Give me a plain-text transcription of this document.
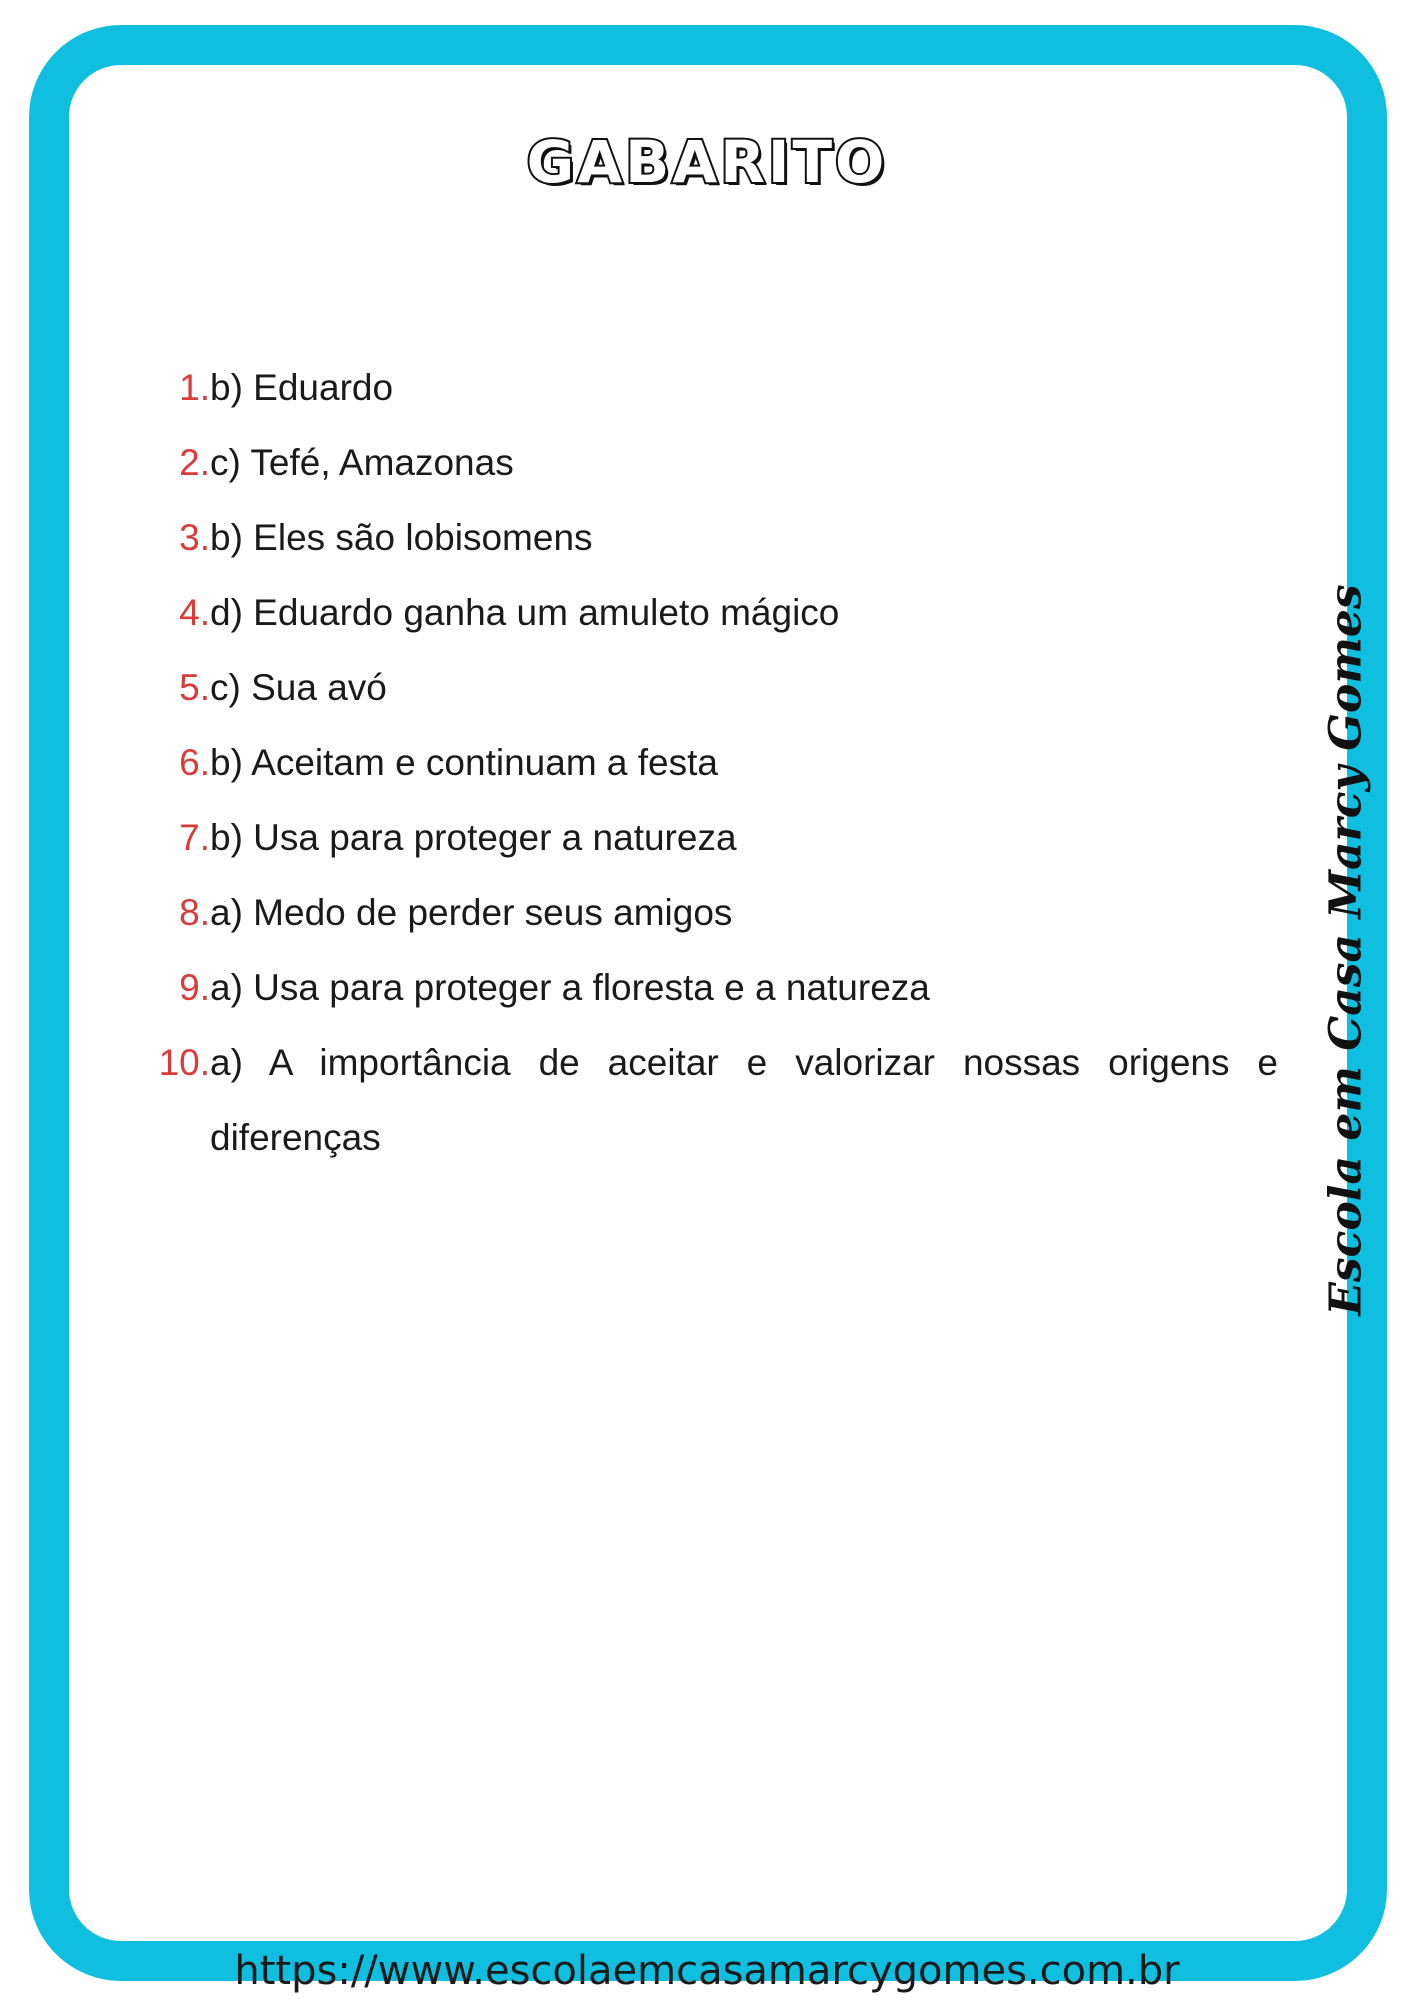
GABARITO
1. b) Eduardo
2. c) Tefé, Amazonas
3. b) Eles são lobisomens
4. d) Eduardo ganha um amuleto mágico
5. c) Sua avó
6. b) Aceitam e continuam a festa
7. b) Usa para proteger a natureza
8. a) Medo de perder seus amigos
9. a) Usa para proteger a floresta e a natureza
10. a) A importância de aceitar e valorizar nossas origens e diferenças	Escola em Casa Marcy Gomes
https://www.escolaemcasamarcygomes.com.br
